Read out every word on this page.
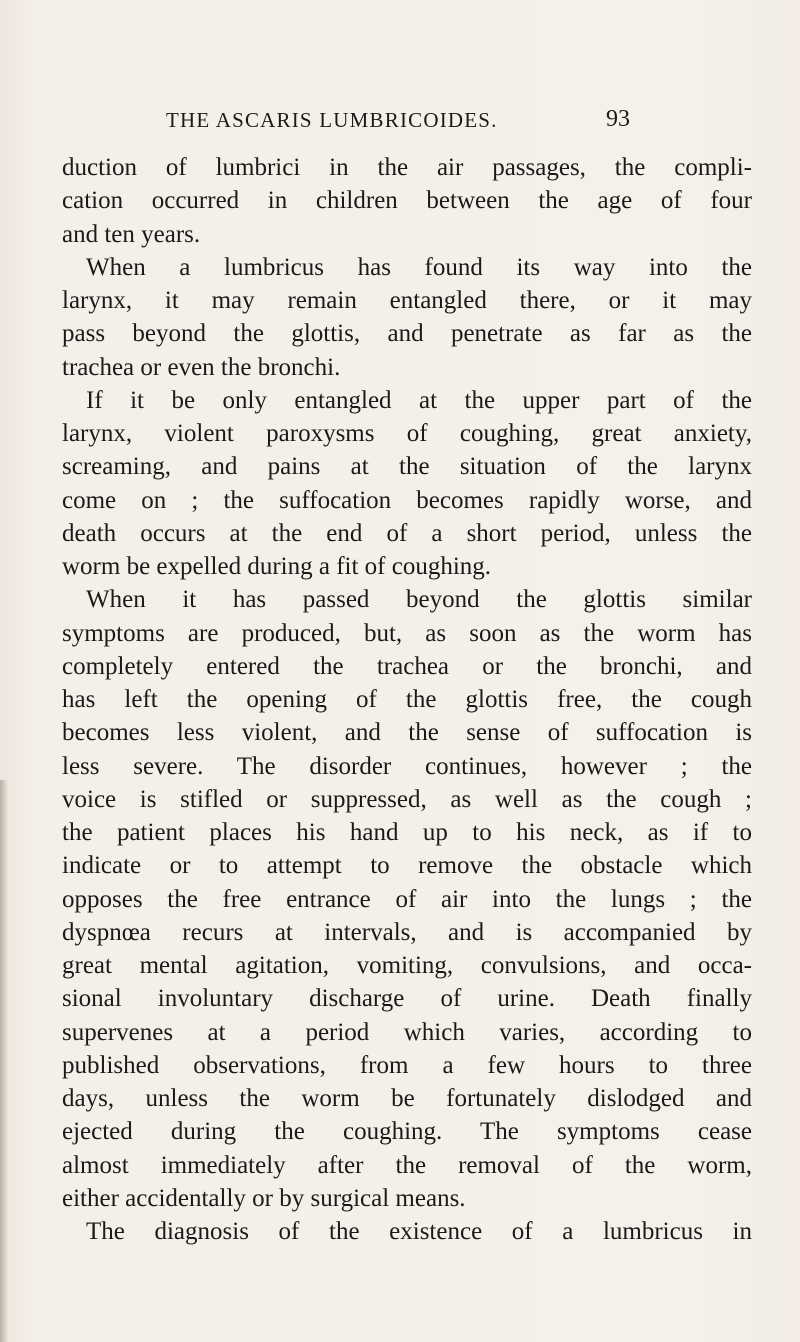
THE ASCARIS LUMBRICOIDES.	93
duction of lumbrici in the air passages, the compli-
cation occurred in children between the age of four
and ten years.
When a lumbricus has found its way into the
larynx, it may remain entangled there, or it may
pass beyond the glottis, and penetrate as far as the
trachea or even the bronchi.
If it be only entangled at the upper part of the
larynx, violent paroxysms of coughing, great anxiety,
screaming, and pains at the situation of the larynx
come on ; the suffocation becomes rapidly worse, and
death occurs at the end of a short period, unless the
worm be expelled during a fit of coughing.
When it has passed beyond the glottis similar
symptoms are produced, but, as soon as the worm has
completely entered the trachea or the bronchi, and
has left the opening of the glottis free, the cough
becomes less violent, and the sense of suffocation is
less severe. The disorder continues, however ; the
voice is stifled or suppressed, as well as the cough ;
the patient places his hand up to his neck, as if to
indicate or to attempt to remove the obstacle which
opposes the free entrance of air into the lungs ; the
dyspnœa recurs at intervals, and is accompanied by
great mental agitation, vomiting, convulsions, and occa-
sional involuntary discharge of urine. Death finally
supervenes at a period which varies, according to
published observations, from a few hours to three
days, unless the worm be fortunately dislodged and
ejected during the coughing. The symptoms cease
almost immediately after the removal of the worm,
either accidentally or by surgical means.
The diagnosis of the existence of a lumbricus in
